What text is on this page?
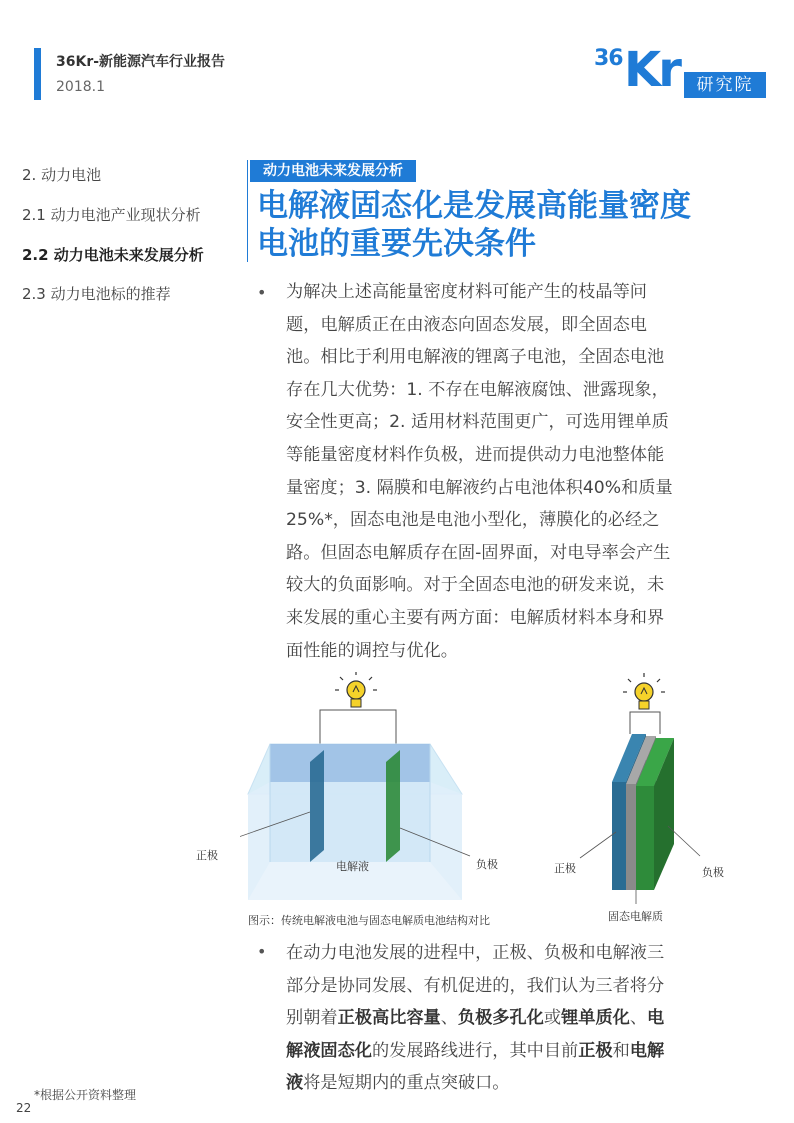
36Kr-新能源汽车行业报告
2018.1
36 Kr	研究院
2. 动力电池
2.1 动力电池产业现状分析
2.2 动力电池未来发展分析
2.3 动力电池标的推荐
动力电池未来发展分析
电解液固态化是发展高能量密度
电池的重要先决条件
• 为解决上述高能量密度材料可能产生的枝晶等问
题，电解质正在由液态向固态发展，即全固态电
池。相比于利用电解液的锂离子电池，全固态电池
存在几大优势：1. 不存在电解液腐蚀、泄露现象，
安全性更高；2. 适用材料范围更广，可选用锂单质
等能量密度材料作负极，进而提供动力电池整体能
量密度；3. 隔膜和电解液约占电池体积40%和质量
25%*，固态电池是电池小型化，薄膜化的必经之
路。但固态电解质存在固-固界面，对电导率会产生
较大的负面影响。对于全固态电池的研发来说，未
来发展的重心主要有两方面：电解质材料本身和界
面性能的调控与优化。
正极
电解液	负极	正极	负极
固态电解质
图示：传统电解液电池与固态电解质电池结构对比
• 在动力电池发展的进程中，正极、负极和电解液三
部分是协同发展、有机促进的，我们认为三者将分
别朝着正极高比容量、负极多孔化或锂单质化、电
解液固态化的发展路线进行，其中目前正极和电解
液将是短期内的重点突破口。
*根据公开资料整理
22
